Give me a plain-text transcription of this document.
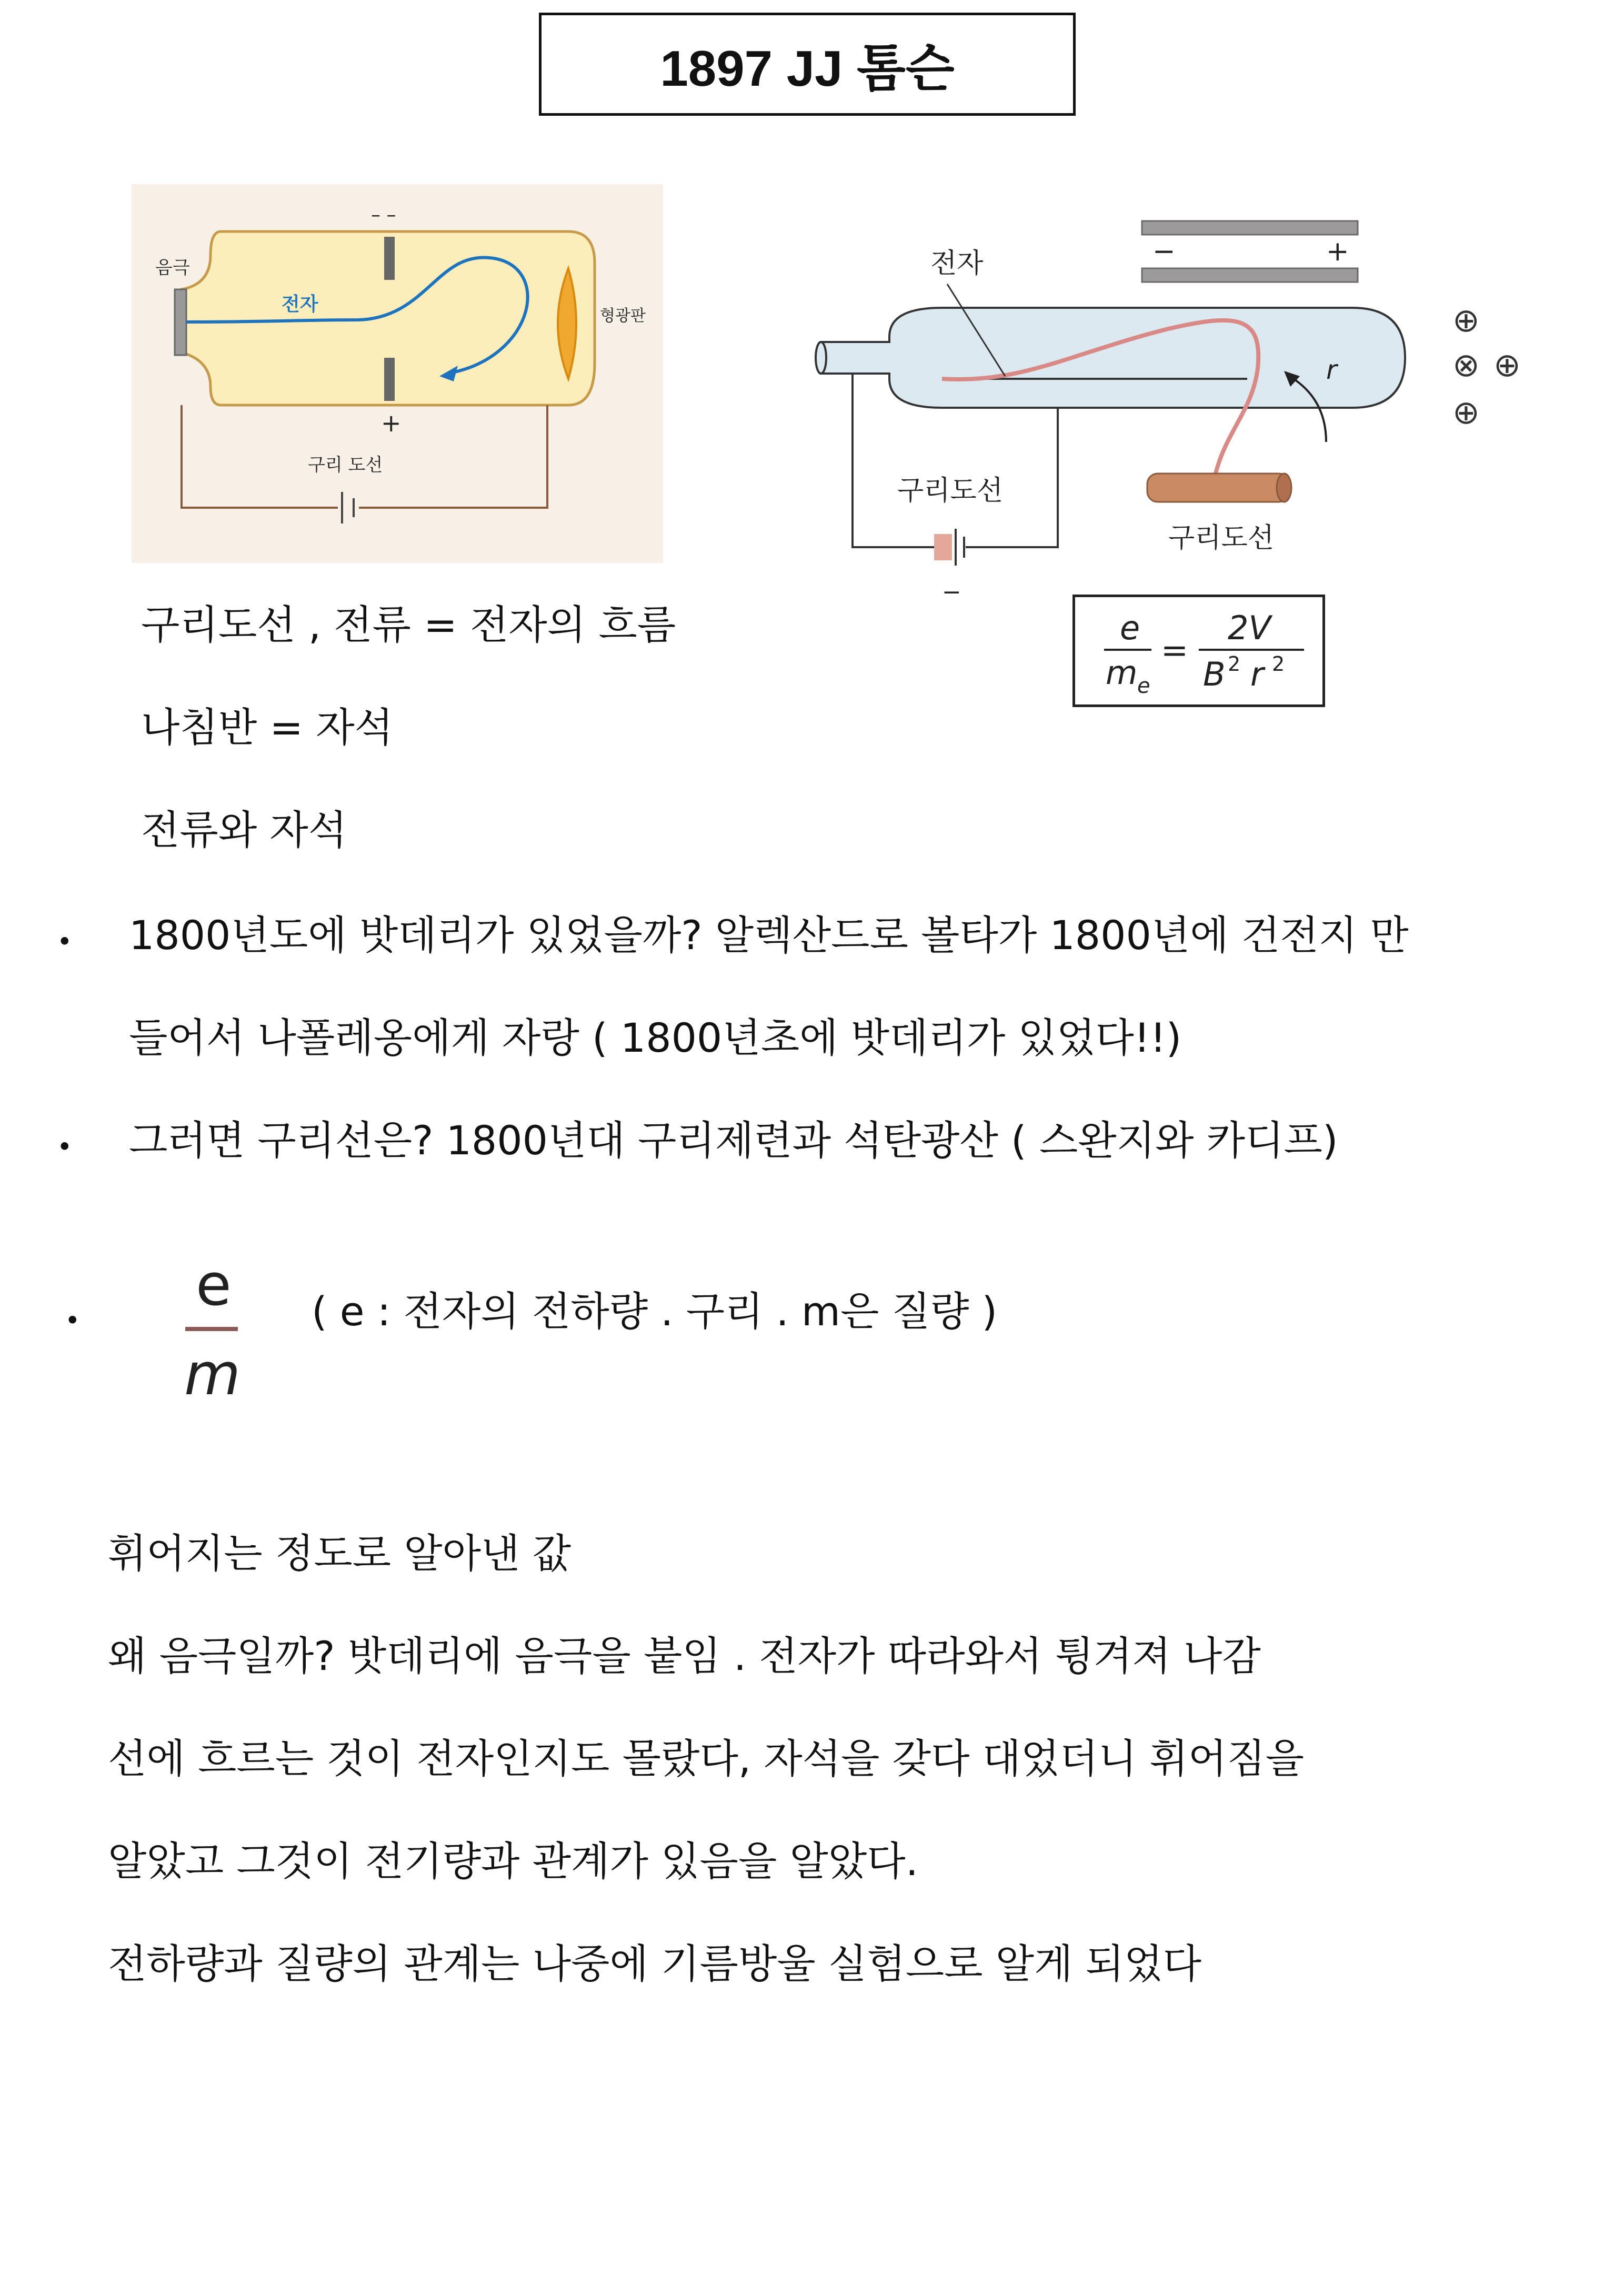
1897 JJ 톰슨
음극
전자
형광판
– –
+
구리 도선
−	+
전자
r
구리도선
⊕
⊗ ⊕
⊕
−
구리도선
e
m e
=
2V
B 2 r 2
구리도선 , 전류 = 전자의 흐름
나침반 = 자석
전류와 자석
• 1800년도에 밧데리가 있었을까? 알렉산드로 볼타가 1800년에 건전지 만
들어서 나폴레옹에게 자랑 ( 1800년초에 밧데리가 있었다!!)
• 그러면 구리선은? 1800년대 구리제련과 석탄광산 ( 스완지와 카디프)
•
e
m
( e : 전자의 전하량 . 구리 . m은 질량 )
휘어지는 정도로 알아낸 값
왜 음극일까? 밧데리에 음극을 붙임 . 전자가 따라와서 튕겨져 나감
선에 흐르는 것이 전자인지도 몰랐다, 자석을 갖다 대었더니 휘어짐을
알았고 그것이 전기량과 관계가 있음을 알았다.
전하량과 질량의 관계는 나중에 기름방울 실험으로 알게 되었다
